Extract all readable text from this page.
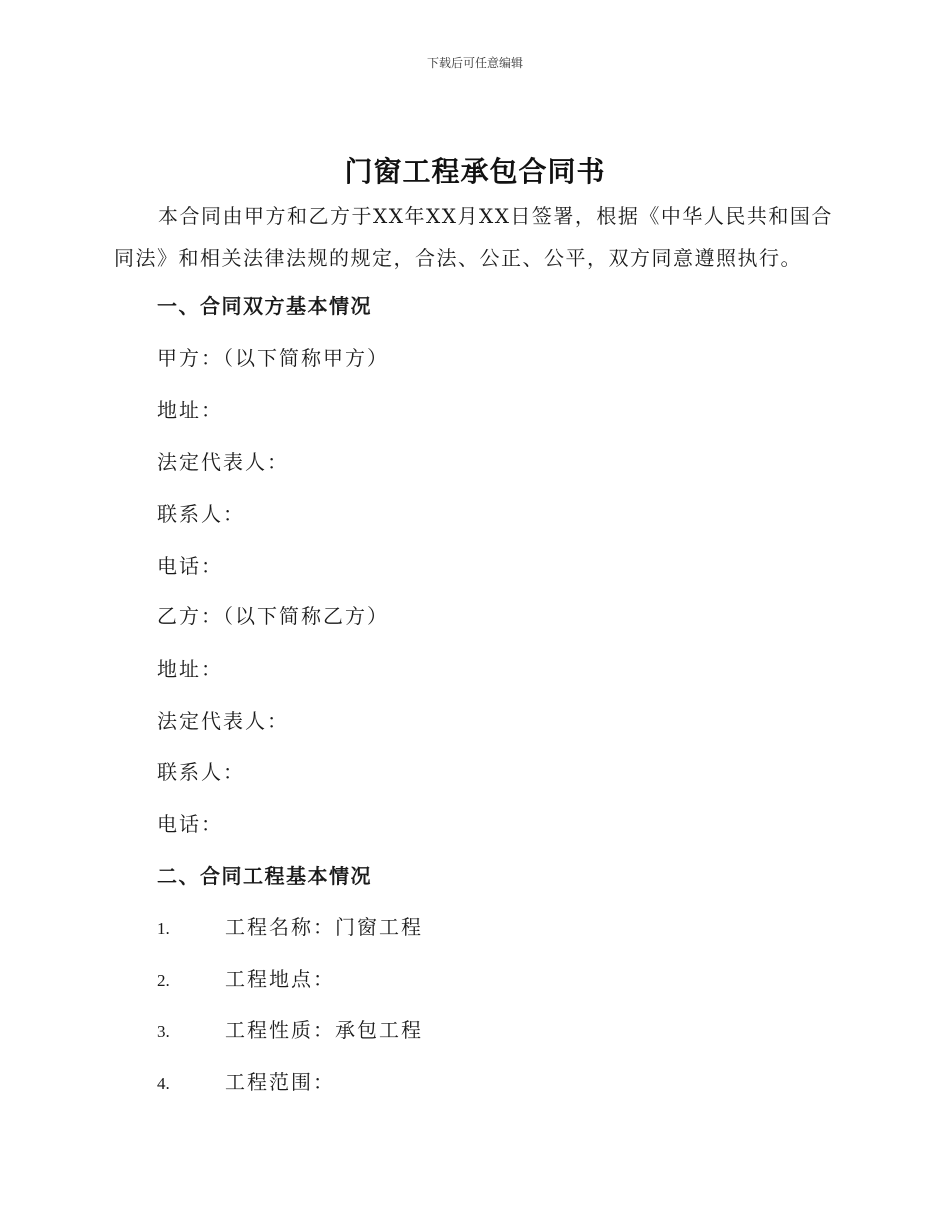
下载后可任意编辑
门窗工程承包合同书

本合同由甲方和乙方于XX年XX月XX日签署，根据《中华人民共和国合同法》和相关法律法规的规定，合法、公正、公平，双方同意遵照执行。

一、合同双方基本情况

甲方：（以下简称甲方）

地址：

法定代表人：

联系人：

电话：

乙方：（以下简称乙方）

地址：

法定代表人：

联系人：

电话：

二、合同工程基本情况

1.	工程名称：门窗工程

2.	工程地点：

3.	工程性质：承包工程

4.	工程范围：
